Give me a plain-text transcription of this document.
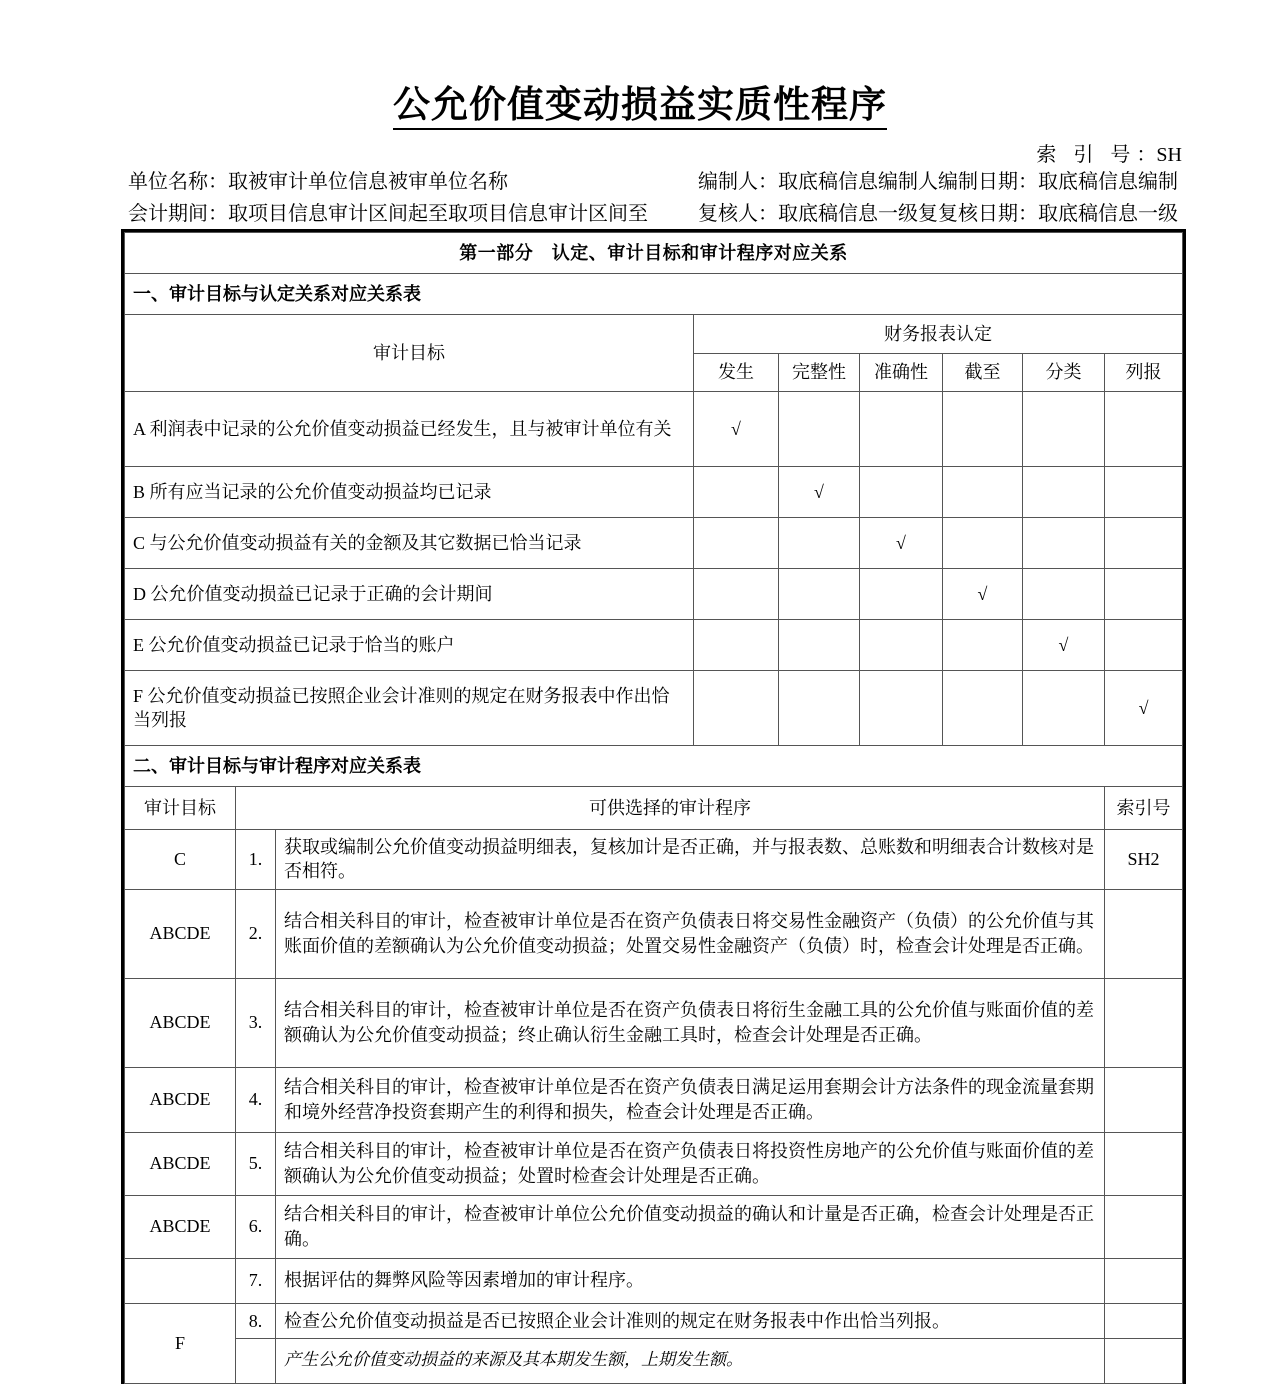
公允价值变动损益实质性程序
索 引 号：SH
单位名称：取被审计单位信息被审单位名称
会计期间：取项目信息审计区间起至取项目信息审计区间至
编制人：取底稿信息编制人编制日期：取底稿信息编制
复核人：取底稿信息一级复复核日期：取底稿信息一级
第一部分　认定、审计目标和审计程序对应关系								
一、审计目标与认定关系对应关系表								
审计目标			财务报表认定					
			发生	完整性	准确性	截至	分类	列报
A 利润表中记录的公允价值变动损益已经发生，且与被审计单位有关			√					
B 所有应当记录的公允价值变动损益均已记录				√				
C 与公允价值变动损益有关的金额及其它数据已恰当记录					√			
D 公允价值变动损益已记录于正确的会计期间						√		
E 公允价值变动损益已记录于恰当的账户							√	
F 公允价值变动损益已按照企业会计准则的规定在财务报表中作出恰当列报								√
二、审计目标与审计程序对应关系表								
审计目标	可供选择的审计程序							索引号
C	1.	获取或编制公允价值变动损益明细表，复核加计是否正确，并与报表数、总账数和明细表合计数核对是否相符。						SH2
ABCDE	2.	结合相关科目的审计，检查被审计单位是否在资产负债表日将交易性金融资产（负债）的公允价值与其账面价值的差额确认为公允价值变动损益；处置交易性金融资产（负债）时，检查会计处理是否正确。						
ABCDE	3.	结合相关科目的审计，检查被审计单位是否在资产负债表日将衍生金融工具的公允价值与账面价值的差额确认为公允价值变动损益；终止确认衍生金融工具时，检查会计处理是否正确。						
ABCDE	4.	结合相关科目的审计，检查被审计单位是否在资产负债表日满足运用套期会计方法条件的现金流量套期和境外经营净投资套期产生的利得和损失，检查会计处理是否正确。						
ABCDE	5.	结合相关科目的审计，检查被审计单位是否在资产负债表日将投资性房地产的公允价值与账面价值的差额确认为公允价值变动损益；处置时检查会计处理是否正确。						
ABCDE	6.	结合相关科目的审计，检查被审计单位公允价值变动损益的确认和计量是否正确，检查会计处理是否正确。						
	7.	根据评估的舞弊风险等因素增加的审计程序。						
F	8.	检查公允价值变动损益是否已按照企业会计准则的规定在财务报表中作出恰当列报。						
		产生公允价值变动损益的来源及其本期发生额，上期发生额。						
